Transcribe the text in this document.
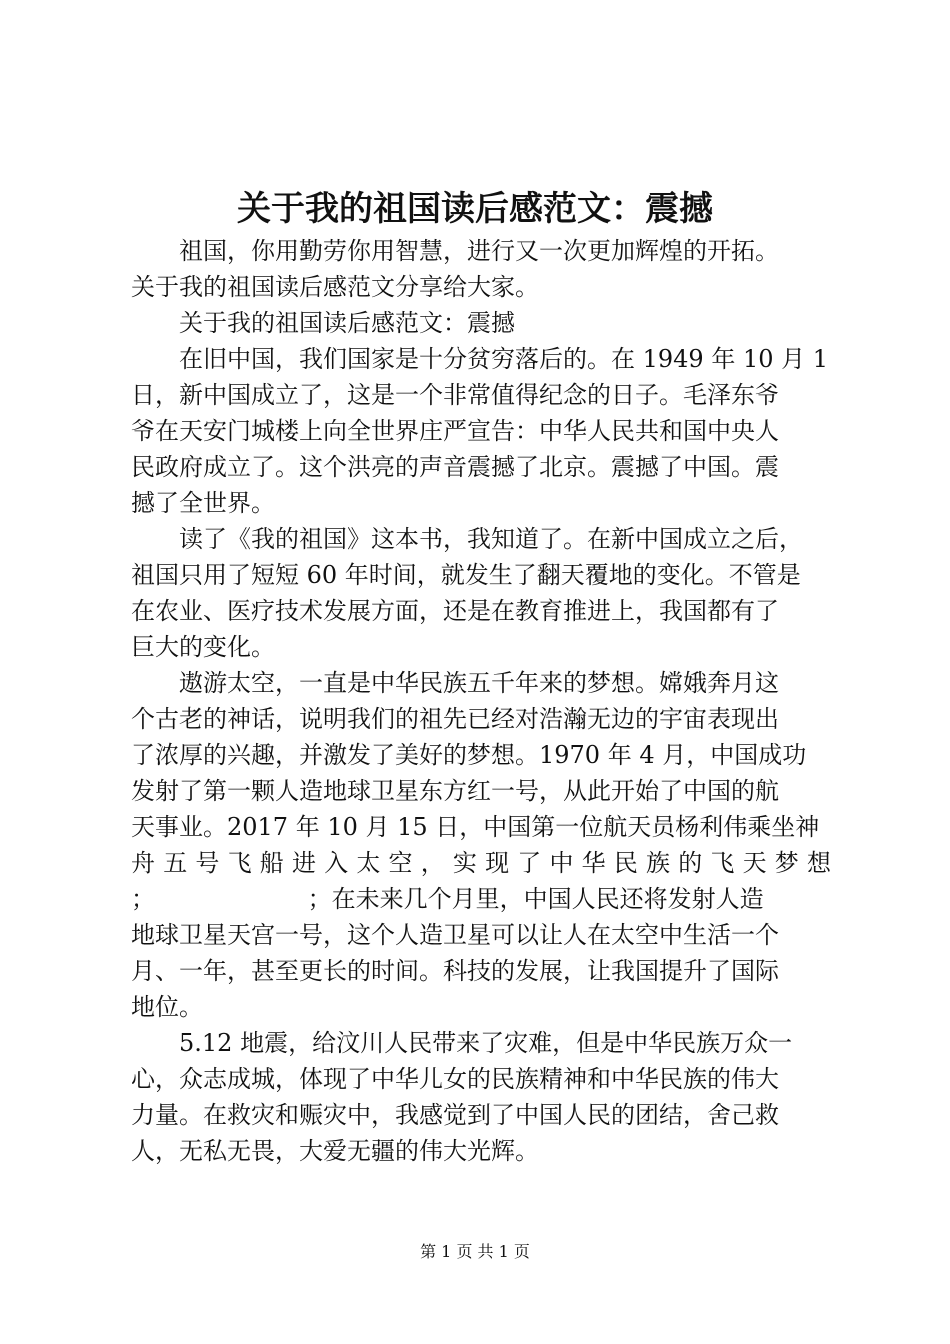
关于我的祖国读后感范文：震撼
祖国，你用勤劳你用智慧，进行又一次更加辉煌的开拓。
关于我的祖国读后感范文分享给大家。
关于我的祖国读后感范文：震撼
在旧中国，我们国家是十分贫穷落后的。在 1949 年 10 月 1
日，新中国成立了，这是一个非常值得纪念的日子。毛泽东爷
爷在天安门城楼上向全世界庄严宣告：中华人民共和国中央人
民政府成立了。这个洪亮的声音震撼了北京。震撼了中国。震
撼了全世界。
读了《我的祖国》这本书，我知道了。在新中国成立之后，
祖国只用了短短 60 年时间，就发生了翻天覆地的变化。不管是
在农业、医疗技术发展方面，还是在教育推进上，我国都有了
巨大的变化。
遨游太空，一直是中华民族五千年来的梦想。嫦娥奔月这
个古老的神话，说明我们的祖先已经对浩瀚无边的宇宙表现出
了浓厚的兴趣，并激发了美好的梦想。1970 年 4 月，中国成功
发射了第一颗人造地球卫星东方红一号，从此开始了中国的航
天事业。2017 年 10 月 15 日，中国第一位航天员杨利伟乘坐神
舟 五 号 飞 船 进 入 太 空 ， 实 现 了 中 华 民 族 的 飞 天 梦 想
；                    ；在未来几个月里，中国人民还将发射人造
地球卫星天宫一号，这个人造卫星可以让人在太空中生活一个
月、一年，甚至更长的时间。科技的发展，让我国提升了国际
地位。
5.12 地震，给汶川人民带来了灾难，但是中华民族万众一
心，众志成城，体现了中华儿女的民族精神和中华民族的伟大
力量。在救灾和赈灾中，我感觉到了中国人民的团结，舍己救
人，无私无畏，大爱无疆的伟大光辉。
第 1 页 共 1 页
